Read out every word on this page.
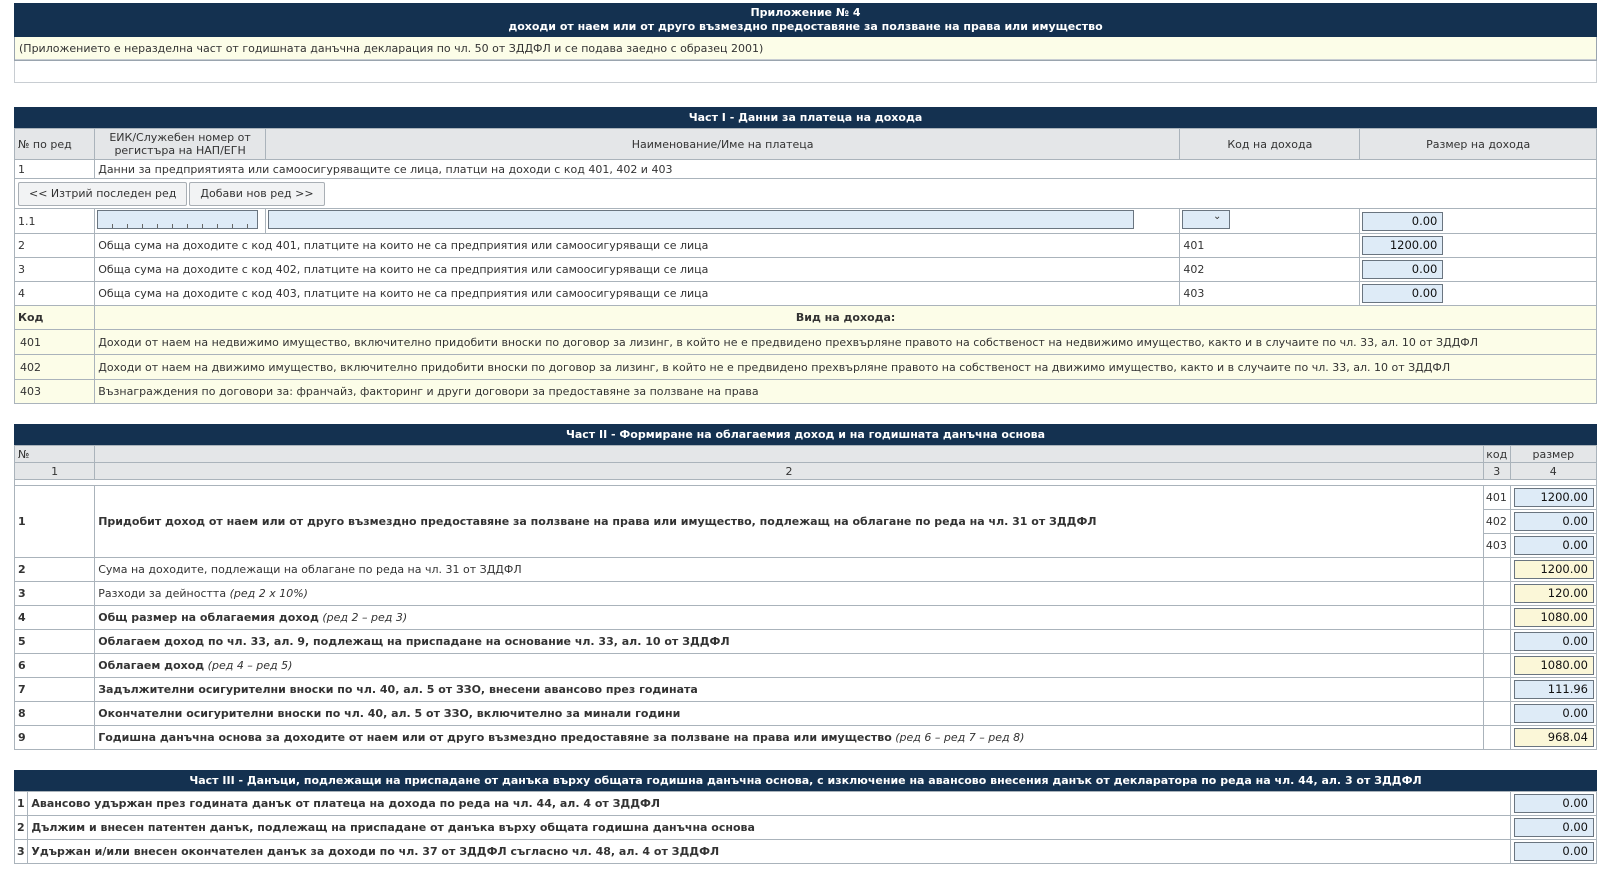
Приложение № 4
доходи от наем или от друго възмездно предоставяне за ползване на права или имущество
(Приложението е неразделна част от годишната данъчна декларация по чл. 50 от ЗДДФЛ и се подава заедно с образец 2001)
Част I - Данни за платеца на дохода
№ по ред	ЕИК/Служебен номер от регистъра на НАП/ЕГН	Наименование/Име на платеца	Код на дохода	Размер на дохода
1	Данни за предприятията или самоосигуряващите се лица, платци на доходи с код 401, 402 и 403			
<< Изтрий последен ред Добави нов ред >>				
1.1			⌄	0.00
2	Обща сума на доходите с код 401, платците на които не са предприятия или самоосигуряващи се лица		401	1200.00
3	Обща сума на доходите с код 402, платците на които не са предприятия или самоосигуряващи се лица		402	0.00
4	Обща сума на доходите с код 403, платците на които не са предприятия или самоосигуряващи се лица		403	0.00
Код	Вид на дохода:			
401	Доходи от наем на недвижимо имущество, включително придобити вноски по договор за лизинг, в който не е предвидено прехвърляне правото на собственост на недвижимо имущество, както и в случаите по чл. 33, ал. 10 от ЗДДФЛ			
402	Доходи от наем на движимо имущество, включително придобити вноски по договор за лизинг, в който не е предвидено прехвърляне правото на собственост на движимо имущество, както и в случаите по чл. 33, ал. 10 от ЗДДФЛ			
403	Възнаграждения по договори за: франчайз, факторинг и други договори за предоставяне за ползване на права			
Част II - Формиране на облагаемия доход и на годишната данъчна основа
№		код	размер
1	2	3	4

1	Придобит доход от наем или от друго възмездно предоставяне за ползване на права или имущество, подлежащ на облагане по реда на чл. 31 от ЗДДФЛ	401	1200.00
		402	0.00
		403	0.00
2	Сума на доходите, подлежащи на облагане по реда на чл. 31 от ЗДДФЛ		1200.00
3	Разходи за дейността (ред 2 х 10%)		120.00
4	Общ размер на облагаемия доход (ред 2 – ред 3)		1080.00
5	Облагаем доход по чл. 33, ал. 9, подлежащ на приспадане на основание чл. 33, ал. 10 от ЗДДФЛ		0.00
6	Облагаем доход (ред 4 – ред 5)		1080.00
7	Задължителни осигурителни вноски по чл. 40, ал. 5 от ЗЗО, внесени авансово през годината		111.96
8	Окончателни осигурителни вноски по чл. 40, ал. 5 от ЗЗО, включително за минали години		0.00
9	Годишна данъчна основа за доходите от наем или от друго възмездно предоставяне за ползване на права или имущество (ред 6 – ред 7 – ред 8)		968.04
Част III - Данъци, подлежащи на приспадане от данъка върху общата годишна данъчна основа, с изключение на авансово внесения данък от декларатора по реда на чл. 44, ал. 3 от ЗДДФЛ
1	Авансово удържан през годината данък от платеца на дохода по реда на чл. 44, ал. 4 от ЗДДФЛ	0.00
2	Дължим и внесен патентен данък, подлежащ на приспадане от данъка върху общата годишна данъчна основа	0.00
3	Удържан и/или внесен окончателен данък за доходи по чл. 37 от ЗДДФЛ съгласно чл. 48, ал. 4 от ЗДДФЛ	0.00
